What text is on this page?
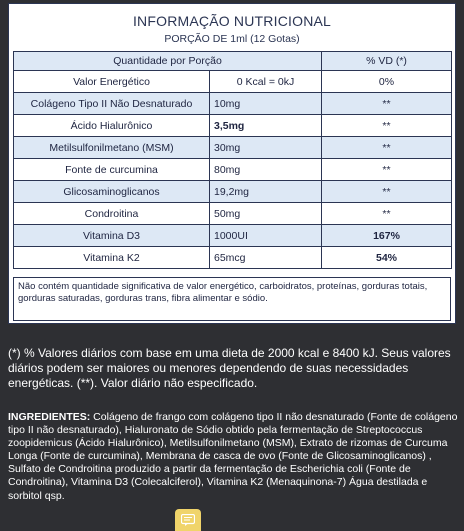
INFORMAÇÃO NUTRICIONAL
PORÇÃO DE 1ml (12 Gotas)
Quantidade por Porção		% VD (*)
Valor Energético	0 Kcal = 0kJ	0%
Colágeno Tipo II Não Desnaturado	10mg	**
Ácido Hialurônico	3,5mg	**
Metilsulfonilmetano (MSM)	30mg	**
Fonte de curcumina	80mg	**
Glicosaminoglicanos	19,2mg	**
Condroitina	50mg	**
Vitamina D3	1000UI	167%
Vitamina K2	65mcg	54%
Não contém quantidade significativa de valor energético, carboidratos, proteínas, gorduras totais, gorduras saturadas, gorduras trans, fibra alimentar e sódio.
(*) % Valores diários com base em uma dieta de 2000 kcal e 8400 kJ. Seus valores diários podem ser maiores ou menores dependendo de suas necessidades energéticas. (**). Valor diário não especificado.
INGREDIENTES: Colágeno de frango com colágeno tipo II não desnaturado (Fonte de colágeno tipo II não desnaturado), Hialuronato de Sódio obtido pela fermentação de Streptococcus zoopidemicus (Ácido Hialurônico), Metilsulfonilmetano (MSM), Extrato de rizomas de Curcuma Longa (Fonte de curcumina), Membrana de casca de ovo (Fonte de Glicosaminoglicanos) , Sulfato de Condroitina produzido a partir da fermentação de Escherichia coli (Fonte de Condroitina), Vitamina D3 (Colecalciferol), Vitamina K2 (Menaquinona-7) Água destilada e sorbitol qsp.
